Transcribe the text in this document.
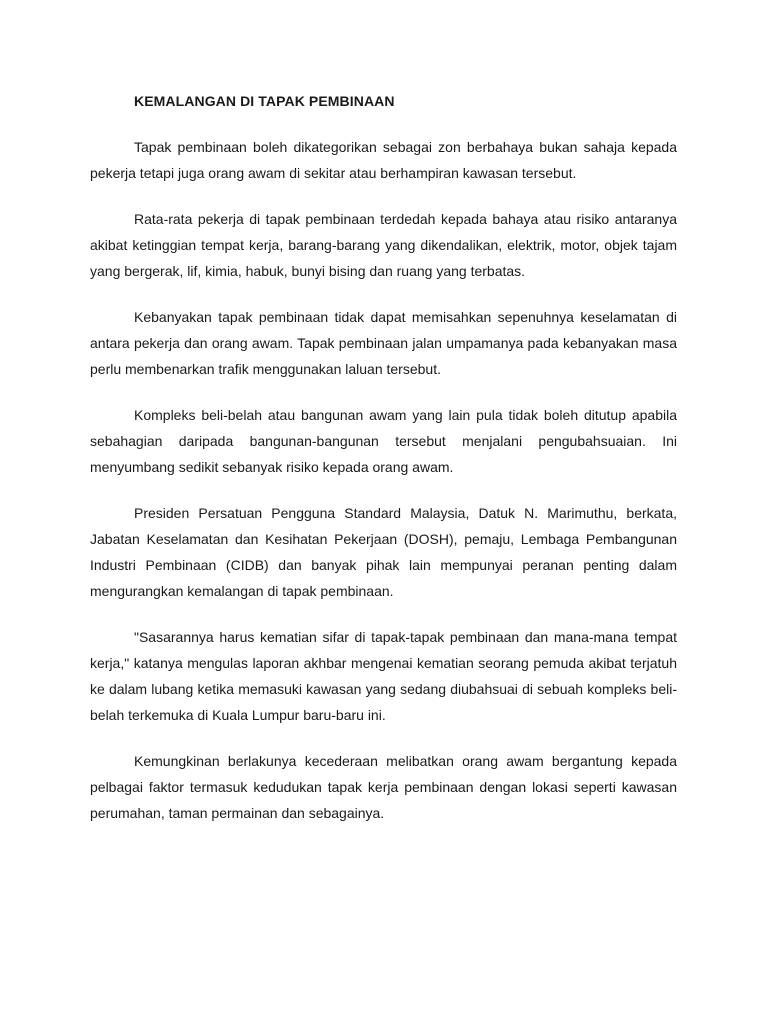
KEMALANGAN DI TAPAK PEMBINAAN

Tapak pembinaan boleh dikategorikan sebagai zon berbahaya bukan sahaja kepada pekerja tetapi juga orang awam di sekitar atau berhampiran kawasan tersebut.

Rata-rata pekerja di tapak pembinaan terdedah kepada bahaya atau risiko antaranya akibat ketinggian tempat kerja, barang-barang yang dikendalikan, elektrik, motor, objek tajam yang bergerak, lif, kimia, habuk, bunyi bising dan ruang yang terbatas.

Kebanyakan tapak pembinaan tidak dapat memisahkan sepenuhnya keselamatan di antara pekerja dan orang awam. Tapak pembinaan jalan umpamanya pada kebanyakan masa perlu membenarkan trafik menggunakan laluan tersebut.

Kompleks beli-belah atau bangunan awam yang lain pula tidak boleh ditutup apabila sebahagian daripada bangunan-bangunan tersebut menjalani pengubahsuaian. Ini menyumbang sedikit sebanyak risiko kepada orang awam.

Presiden Persatuan Pengguna Standard Malaysia, Datuk N. Marimuthu, berkata, Jabatan Keselamatan dan Kesihatan Pekerjaan (DOSH), pemaju, Lembaga Pembangunan Industri Pembinaan (CIDB) dan banyak pihak lain mempunyai peranan penting dalam mengurangkan kemalangan di tapak pembinaan.

"Sasarannya harus kematian sifar di tapak-tapak pembinaan dan mana-mana tempat kerja," katanya mengulas laporan akhbar mengenai kematian seorang pemuda akibat terjatuh ke dalam lubang ketika memasuki kawasan yang sedang diubahsuai di sebuah kompleks beli-belah terkemuka di Kuala Lumpur baru-baru ini.

Kemungkinan berlakunya kecederaan melibatkan orang awam bergantung kepada pelbagai faktor termasuk kedudukan tapak kerja pembinaan dengan lokasi seperti kawasan perumahan, taman permainan dan sebagainya.
